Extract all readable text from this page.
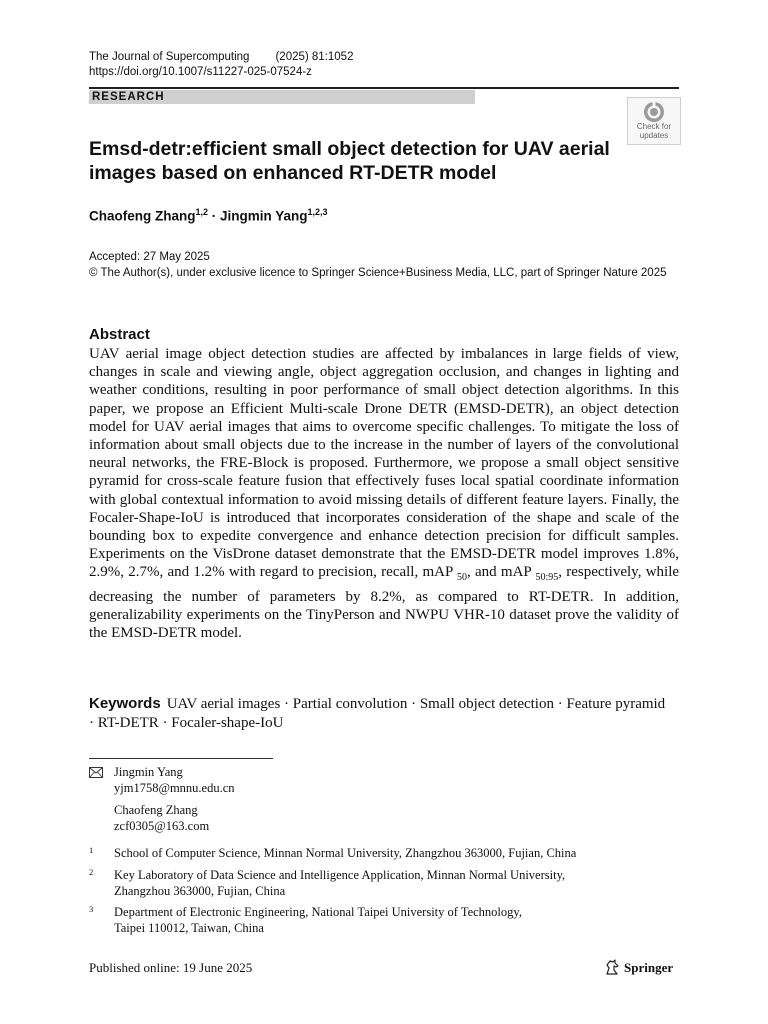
The Journal of Supercomputing (2025) 81:1052
https://doi.org/10.1007/s11227-025-07524-z
RESEARCH
Check for
updates
Emsd-detr:efficient small object detection for UAV aerial
images based on enhanced RT-DETR model
Chaofeng Zhang$^{1,2}$ · Jingmin Yang$^{1,2,3}$
Accepted: 27 May 2025
© The Author(s), under exclusive licence to Springer Science+Business Media, LLC, part of Springer Nature 2025
Abstract
UAV aerial image object detection studies are affected by imbalances in large fields of view, changes in scale and viewing angle, object aggregation occlusion, and changes in lighting and weather conditions, resulting in poor performance of small object detection algorithms. In this paper, we propose an Efficient Multi-scale Drone DETR (EMSD-DETR), an object detection model for UAV aerial images that aims to overcome specific challenges. To mitigate the loss of information about small objects due to the increase in the number of layers of the convolutional neural networks, the FRE-Block is proposed. Furthermore, we propose a small object sensitive pyramid for cross-scale feature fusion that effectively fuses local spatial coordinate information with global contextual information to avoid missing details of different feature layers. Finally, the Focaler-Shape-IoU is introduced that incorporates consideration of the shape and scale of the bounding box to expedite convergence and enhance detection precision for difficult samples. Experiments on the VisDrone dataset demonstrate that the EMSD-DETR model improves 1.8%, 2.9%, 2.7%, and 1.2% with regard to precision, recall, mAP $_{50}$, and mAP $_{50:95}$, respectively, while decreasing the number of parameters by 8.2%, as compared to RT-DETR. In addition, generalizability experiments on the TinyPerson and NWPU VHR-10 dataset prove the validity of the EMSD-DETR model.
Keywords UAV aerial images · Partial convolution · Small object detection · Feature pyramid · RT-DETR · Focaler-shape-IoU
Jingmin Yang
yjm1758@mnnu.edu.cn
Chaofeng Zhang
zcf0305@163.com
1 School of Computer Science, Minnan Normal University, Zhangzhou 363000, Fujian, China
2 Key Laboratory of Data Science and Intelligence Application, Minnan Normal University,
Zhangzhou 363000, Fujian, China
3 Department of Electronic Engineering, National Taipei University of Technology,
Taipei 110012, Taiwan, China
Published online: 19 June 2025	Springer
